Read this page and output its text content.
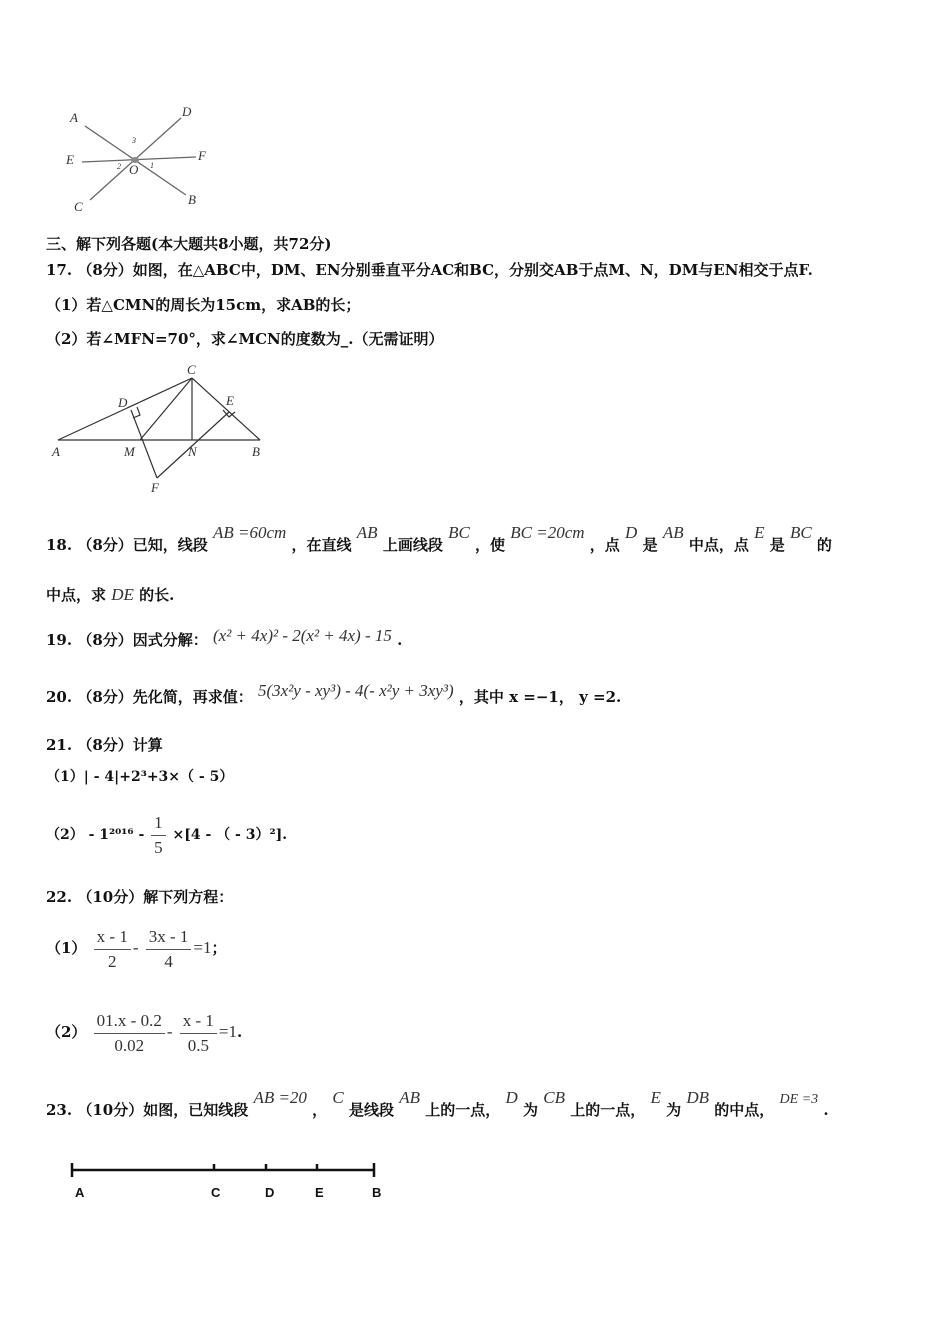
A	D
E	F
C	B
O 1
2
3
三、解下列各题(本大题共8小题，共72分)
17. （8分）如图，在△ABC中，DM、EN分别垂直平分AC和BC，分别交AB于点M、N，DM与EN相交于点F.
（1）若△CMN的周长为15cm，求AB的长；
（2）若∠MFN=70°，求∠MCN的度数为_.（无需证明）
A	B
C
D	E
M	N
F
18. （8分）已知，线段 AB =60cm ，在直线 AB 上画线段 BC ，使 BC =20cm ，点 D 是 AB 中点，点 E 是 BC 的
中点，求 DE 的长.
19. （8分）因式分解： (x² + 4x)² - 2(x² + 4x) - 15 .
20. （8分）先化简，再求值： 5(3x²y - xy³) - 4(- x²y + 3xy³) ，其中 x =−1， y =2.
21. （8分）计算
（1）| - 4|+2³+3×（ - 5）
$(2) - 1^{2016} - \frac{1}{5} \times[4$ - （ - 3）²].
22. （10分）解下列方程：
$(1) \frac{x - 1}{2} - \frac{3x - 1}{4} =1$；
$(2) \frac{01.x - 0.2}{0.02} - \frac{x - 1}{0.5} =1$.
23. （10分）如图，已知线段 AB =20 ， C 是线段 AB 上的一点， D 为 CB 上的一点， E 为 DB 的中点， DE =3 .
A	C	D	E	B
